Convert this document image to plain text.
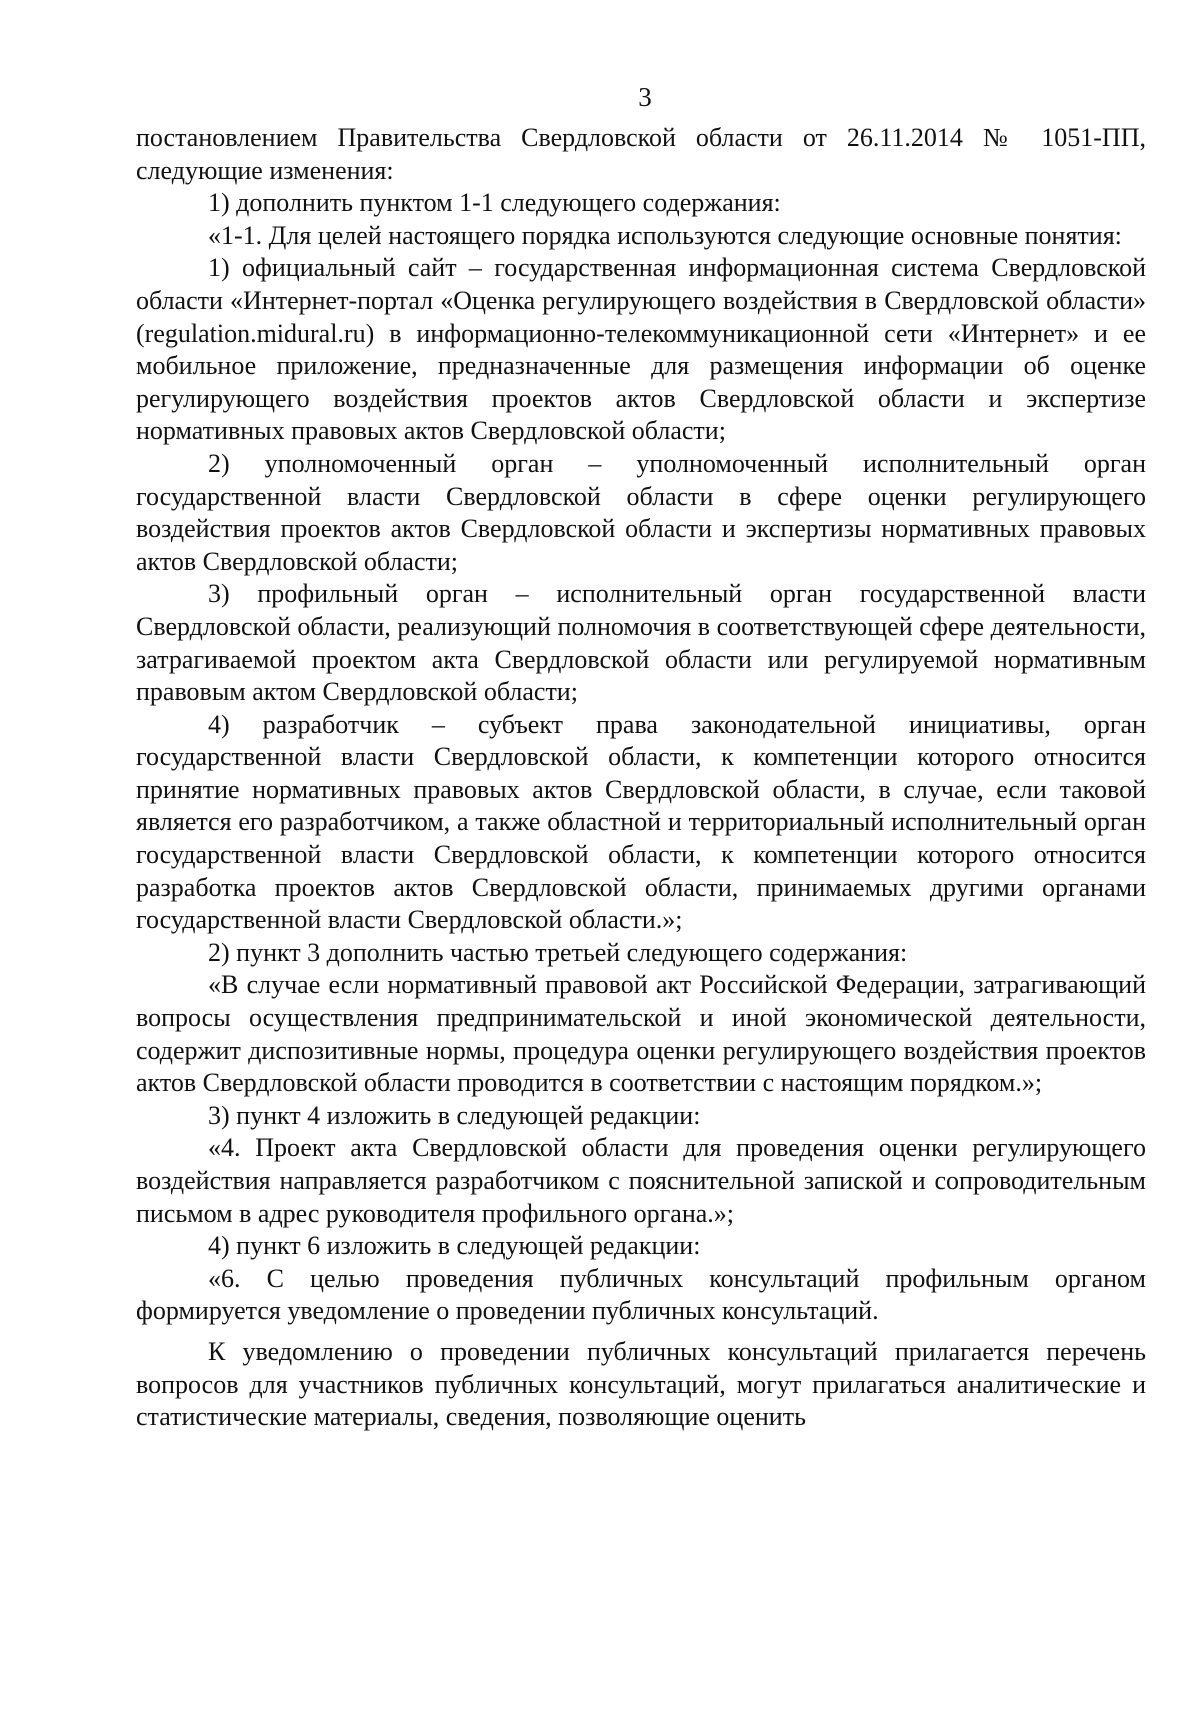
3

постановлением Правительства Свердловской области от 26.11.2014 № 1051-ПП, следующие изменения:

1) дополнить пунктом 1-1 следующего содержания:

«1-1. Для целей настоящего порядка используются следующие основные понятия:

1) официальный сайт – государственная информационная система Свердловской области «Интернет-портал «Оценка регулирующего воздействия в Свердловской области» (regulation.midural.ru) в информационно-телекоммуникационной сети «Интернет» и ее мобильное приложение, предназначенные для размещения информации об оценке регулирующего воздействия проектов актов Свердловской области и экспертизе нормативных правовых актов Свердловской области;

2) уполномоченный орган – уполномоченный исполнительный орган государственной власти Свердловской области в сфере оценки регулирующего воздействия проектов актов Свердловской области и экспертизы нормативных правовых актов Свердловской области;

3) профильный орган – исполнительный орган государственной власти Свердловской области, реализующий полномочия в соответствующей сфере деятельности, затрагиваемой проектом акта Свердловской области или регулируемой нормативным правовым актом Свердловской области;

4) разработчик – субъект права законодательной инициативы, орган государственной власти Свердловской области, к компетенции которого относится принятие нормативных правовых актов Свердловской области, в случае, если таковой является его разработчиком, а также областной и территориальный исполнительный орган государственной власти Свердловской области, к компетенции которого относится разработка проектов актов Свердловской области, принимаемых другими органами государственной власти Свердловской области.»;

2) пункт 3 дополнить частью третьей следующего содержания:

«В случае если нормативный правовой акт Российской Федерации, затрагивающий вопросы осуществления предпринимательской и иной экономической деятельности, содержит диспозитивные нормы, процедура оценки регулирующего воздействия проектов актов Свердловской области проводится в соответствии с настоящим порядком.»;

3) пункт 4 изложить в следующей редакции:

«4. Проект акта Свердловской области для проведения оценки регулирующего воздействия направляется разработчиком с пояснительной запиской и сопроводительным письмом в адрес руководителя профильного органа.»;

4) пункт 6 изложить в следующей редакции:

«6. С целью проведения публичных консультаций профильным органом формируется уведомление о проведении публичных консультаций.

К уведомлению о проведении публичных консультаций прилагается перечень вопросов для участников публичных консультаций, могут прилагаться аналитические и статистические материалы, сведения, позволяющие оценить
